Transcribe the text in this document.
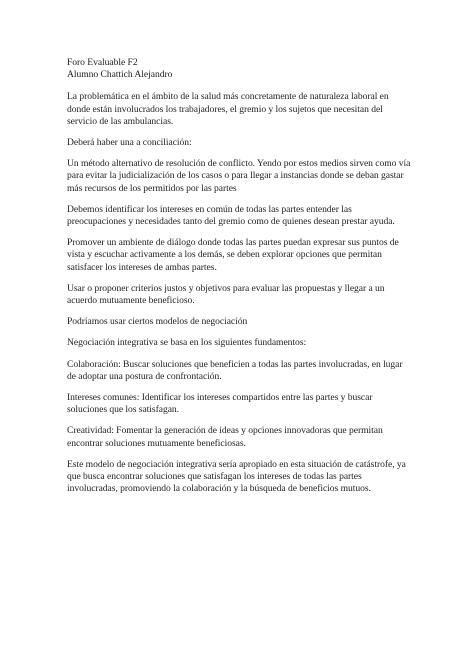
Foro Evaluable F2

Alumno Chattich Alejandro

La problemática en el ámbito de la salud más concretamente de naturaleza laboral en donde están involucrados los trabajadores, el gremio y los sujetos que necesitan del servicio de las ambulancias.

Deberá haber una a conciliación:

Un método alternativo de resolución de conflicto. Yendo por estos medios sirven como vía para evitar la judicialización de los casos o para llegar a instancias donde se deban gastar más recursos de los permitidos por las partes

Debemos identificar los intereses en común de todas las partes entender las preocupaciones y necesidades tanto del gremio como de quienes desean prestar ayuda.

Promover un ambiente de diálogo donde todas las partes puedan expresar sus puntos de vista y escuchar activamente a los demás, se deben explorar opciones que permitan satisfacer los intereses de ambas partes.

Usar o proponer criterios justos y objetivos para evaluar las propuestas y llegar a un acuerdo mutuamente beneficioso.

Podríamos usar ciertos modelos de negociación

Negociación integrativa se basa en los siguientes fundamentos:

Colaboración: Buscar soluciones que beneficien a todas las partes involucradas, en lugar de adoptar una postura de confrontación.

Intereses comunes: Identificar los intereses compartidos entre las partes y buscar soluciones que los satisfagan.

Creatividad: Fomentar la generación de ideas y opciones innovadoras que permitan encontrar soluciones mutuamente beneficiosas.

Este modelo de negociación integrativa sería apropiado en esta situación de catástrofe, ya que busca encontrar soluciones que satisfagan los intereses de todas las partes involucradas, promoviendo la colaboración y la búsqueda de beneficios mutuos.
